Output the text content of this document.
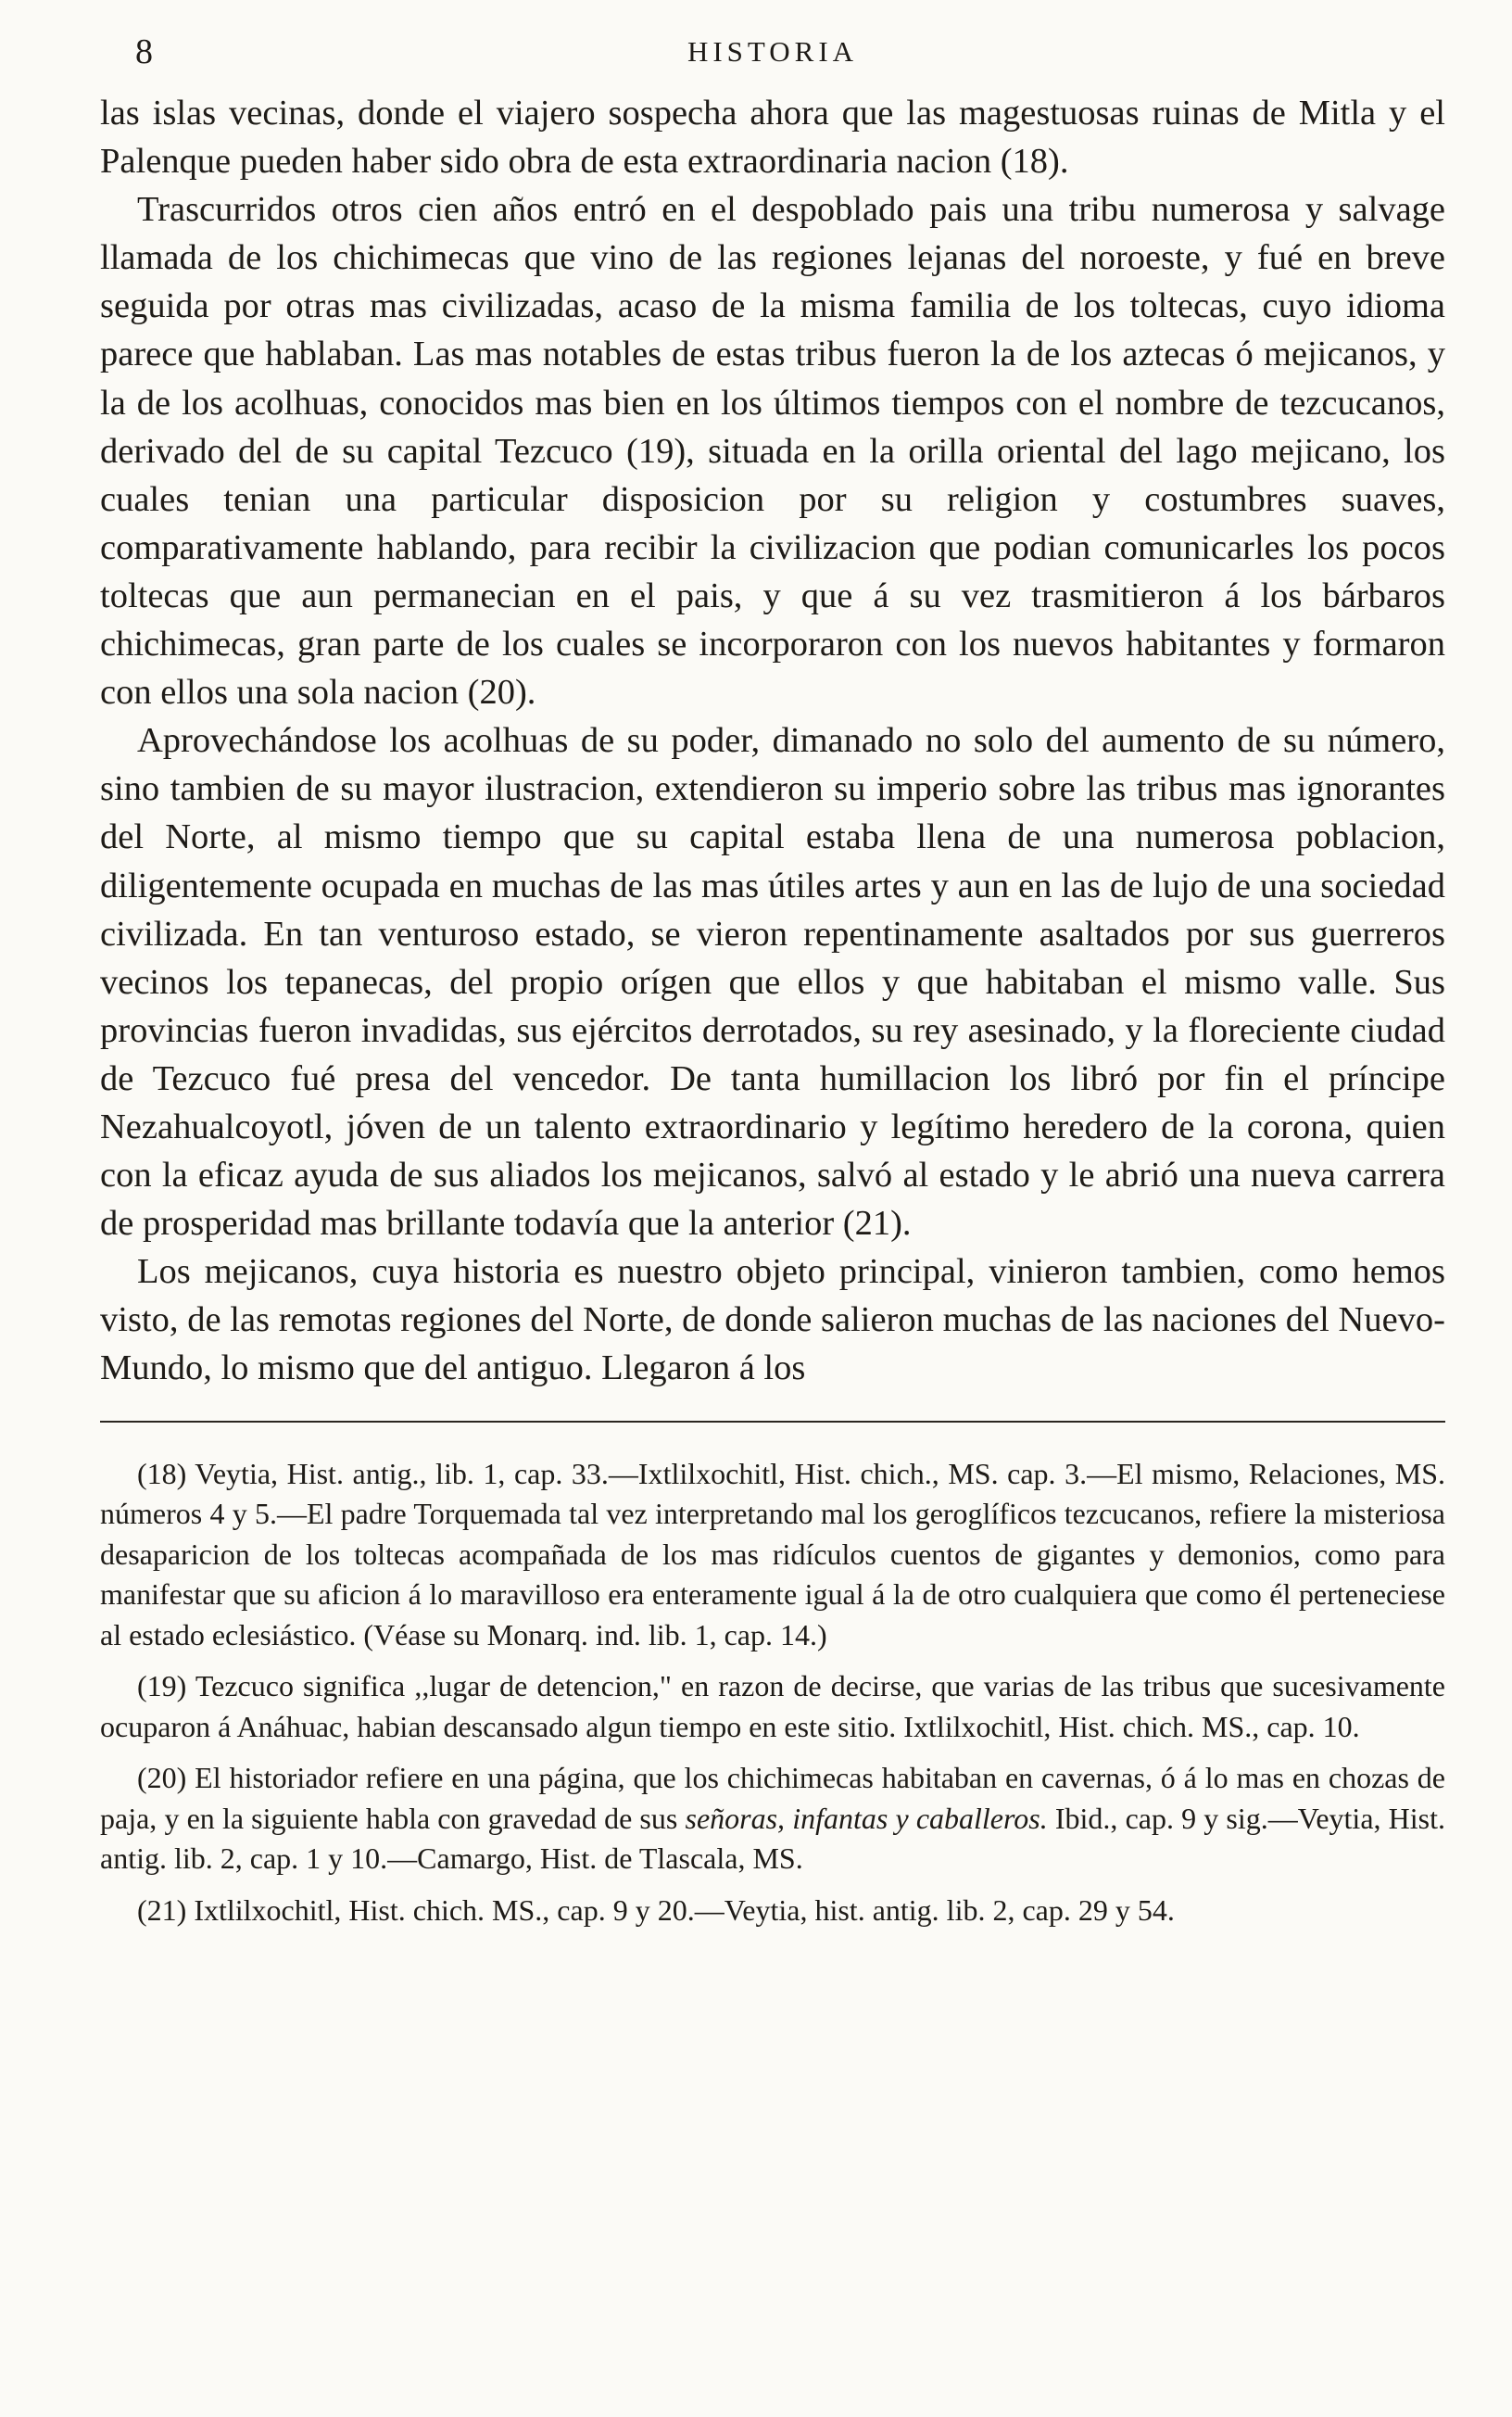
8	HISTORIA

las islas vecinas, donde el viajero sospecha ahora que las magestuosas ruinas de Mitla y el Palenque pueden haber sido obra de esta extraordinaria nacion (18).

Trascurridos otros cien años entró en el despoblado pais una tribu numerosa y salvage llamada de los chichimecas que vino de las regiones lejanas del noroeste, y fué en breve seguida por otras mas civilizadas, acaso de la misma familia de los toltecas, cuyo idioma parece que hablaban. Las mas notables de estas tribus fueron la de los aztecas ó mejicanos, y la de los acolhuas, conocidos mas bien en los últimos tiempos con el nombre de tezcucanos, derivado del de su capital Tezcuco (19), situada en la orilla oriental del lago mejicano, los cuales tenian una particular disposicion por su religion y costumbres suaves, comparativamente hablando, para recibir la civilizacion que podian comunicarles los pocos toltecas que aun permanecian en el pais, y que á su vez trasmitieron á los bárbaros chichimecas, gran parte de los cuales se incorporaron con los nuevos habitantes y formaron con ellos una sola nacion (20).

Aprovechándose los acolhuas de su poder, dimanado no solo del aumento de su número, sino tambien de su mayor ilustracion, extendieron su imperio sobre las tribus mas ignorantes del Norte, al mismo tiempo que su capital estaba llena de una numerosa poblacion, diligentemente ocupada en muchas de las mas útiles artes y aun en las de lujo de una sociedad civilizada. En tan venturoso estado, se vieron repentinamente asaltados por sus guerreros vecinos los tepanecas, del propio orígen que ellos y que habitaban el mismo valle. Sus provincias fueron invadidas, sus ejércitos derrotados, su rey asesinado, y la floreciente ciudad de Tezcuco fué presa del vencedor. De tanta humillacion los libró por fin el príncipe Nezahualcoyotl, jóven de un talento extraordinario y legítimo heredero de la corona, quien con la eficaz ayuda de sus aliados los mejicanos, salvó al estado y le abrió una nueva carrera de prosperidad mas brillante todavía que la anterior (21).

Los mejicanos, cuya historia es nuestro objeto principal, vinieron tambien, como hemos visto, de las remotas regiones del Norte, de donde salieron muchas de las naciones del Nuevo-Mundo, lo mismo que del antiguo. Llegaron á los

(18) Veytia, Hist. antig., lib. 1, cap. 33.—Ixtlilxochitl, Hist. chich., MS. cap. 3.—El mismo, Relaciones, MS. números 4 y 5.—El padre Torquemada tal vez interpretando mal los geroglíficos tezcucanos, refiere la misteriosa desaparicion de los toltecas acompañada de los mas ridículos cuentos de gigantes y demonios, como para manifestar que su aficion á lo maravilloso era enteramente igual á la de otro cualquiera que como él perteneciese al estado eclesiástico. (Véase su Monarq. ind. lib. 1, cap. 14.)

(19) Tezcuco significa ,,lugar de detencion," en razon de decirse, que varias de las tribus que sucesivamente ocuparon á Anáhuac, habian descansado algun tiempo en este sitio. Ixtlilxochitl, Hist. chich. MS., cap. 10.

(20) El historiador refiere en una página, que los chichimecas habitaban en cavernas, ó á lo mas en chozas de paja, y en la siguiente habla con gravedad de sus señoras, infantas y caballeros. Ibid., cap. 9 y sig.—Veytia, Hist. antig. lib. 2, cap. 1 y 10.—Camargo, Hist. de Tlascala, MS.

(21) Ixtlilxochitl, Hist. chich. MS., cap. 9 y 20.—Veytia, hist. antig. lib. 2, cap. 29 y 54.
